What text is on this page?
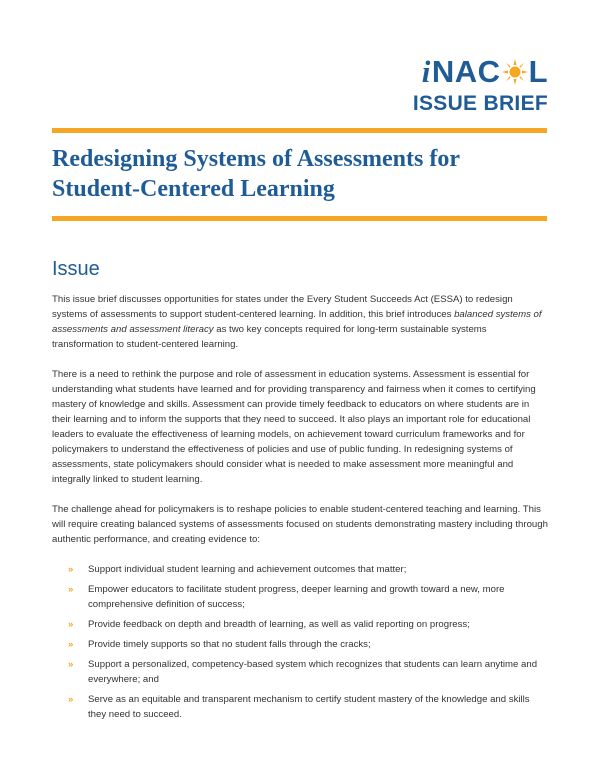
i NAC L
ISSUE BRIEF
Redesigning Systems of Assessments for Student-Centered Learning
Issue

This issue brief discusses opportunities for states under the Every Student Succeeds Act (ESSA) to redesign systems of assessments to support student-centered learning. In addition, this brief introduces balanced systems of assessments and assessment literacy as two key concepts required for long-term sustainable systems transformation to student-centered learning.

There is a need to rethink the purpose and role of assessment in education systems. Assessment is essential for understanding what students have learned and for providing transparency and fairness when it comes to certifying mastery of knowledge and skills. Assessment can provide timely feedback to educators on where students are in their learning and to inform the supports that they need to succeed. It also plays an important role for educational leaders to evaluate the effectiveness of learning models, on achievement toward curriculum frameworks and for policymakers to understand the effectiveness of policies and use of public funding. In redesigning systems of assessments, state policymakers should consider what is needed to make assessment more meaningful and integrally linked to student learning.

The challenge ahead for policymakers is to reshape policies to enable student-centered teaching and learning. This will require creating balanced systems of assessments focused on students demonstrating mastery including through authentic performance, and creating evidence to:

» Support individual student learning and achievement outcomes that matter;
» Empower educators to facilitate student progress, deeper learning and growth toward a new, more comprehensive definition of success;
» Provide feedback on depth and breadth of learning, as well as valid reporting on progress;
» Provide timely supports so that no student falls through the cracks;
» Support a personalized, competency-based system which recognizes that students can learn anytime and everywhere; and
» Serve as an equitable and transparent mechanism to certify student mastery of the knowledge and skills they need to succeed.
